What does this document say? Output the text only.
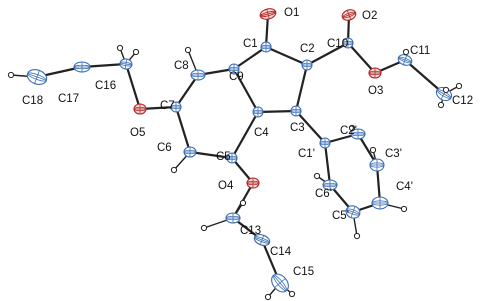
O1	O2
C1	C2 C10
C11
O3
C12
C8
C9
C16
C17
C18	C7
O5	C4 C3	C2'
C3'
C1'
C6
C5
C4'
C6'
O4
C5'
C13
C14
C15
